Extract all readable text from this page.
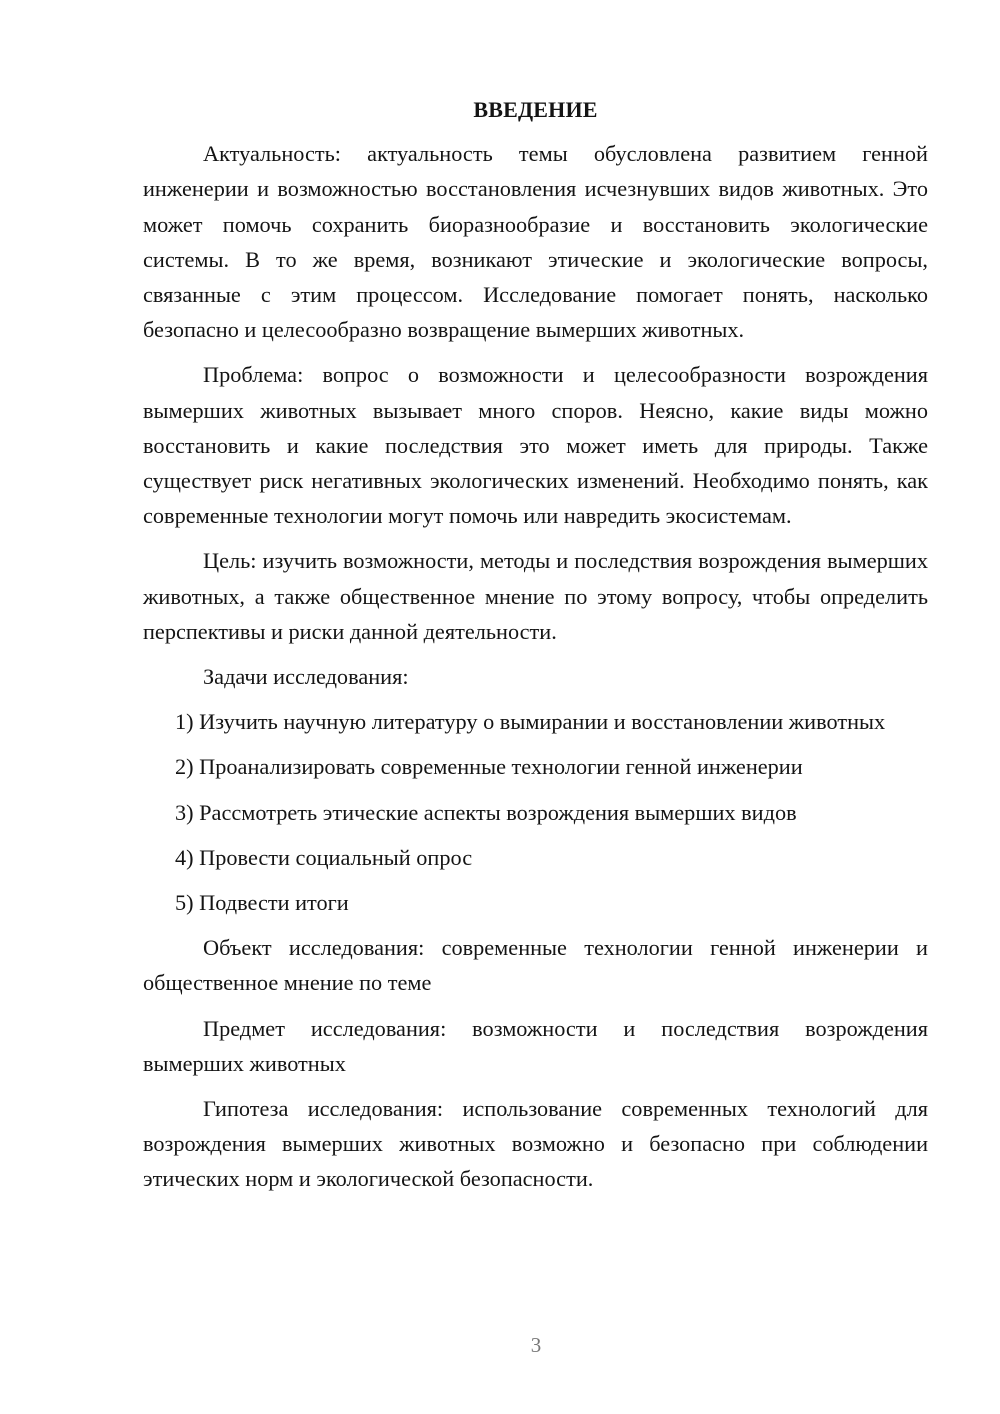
ВВЕДЕНИЕ

Актуальность: актуальность темы обусловлена развитием генной инженерии и возможностью восстановления исчезнувших видов животных. Это может помочь сохранить биоразнообразие и восстановить экологические системы. В то же время, возникают этические и экологические вопросы, связанные с этим процессом. Исследование помогает понять, насколько безопасно и целесообразно возвращение вымерших животных.

Проблема: вопрос о возможности и целесообразности возрождения вымерших животных вызывает много споров. Неясно, какие виды можно восстановить и какие последствия это может иметь для природы. Также существует риск негативных экологических изменений. Необходимо понять, как современные технологии могут помочь или навредить экосистемам.

Цель: изучить возможности, методы и последствия возрождения вымерших животных, а также общественное мнение по этому вопросу, чтобы определить перспективы и риски данной деятельности.

Задачи исследования:

1) Изучить научную литературу о вымирании и восстановлении животных

2) Проанализировать современные технологии генной инженерии

3) Рассмотреть этические аспекты возрождения вымерших видов

4) Провести социальный опрос

5) Подвести итоги

Объект исследования: современные технологии генной инженерии и общественное мнение по теме

Предмет исследования: возможности и последствия возрождения вымерших животных

Гипотеза исследования: использование современных технологий для возрождения вымерших животных возможно и безопасно при соблюдении этических норм и экологической безопасности.

3
